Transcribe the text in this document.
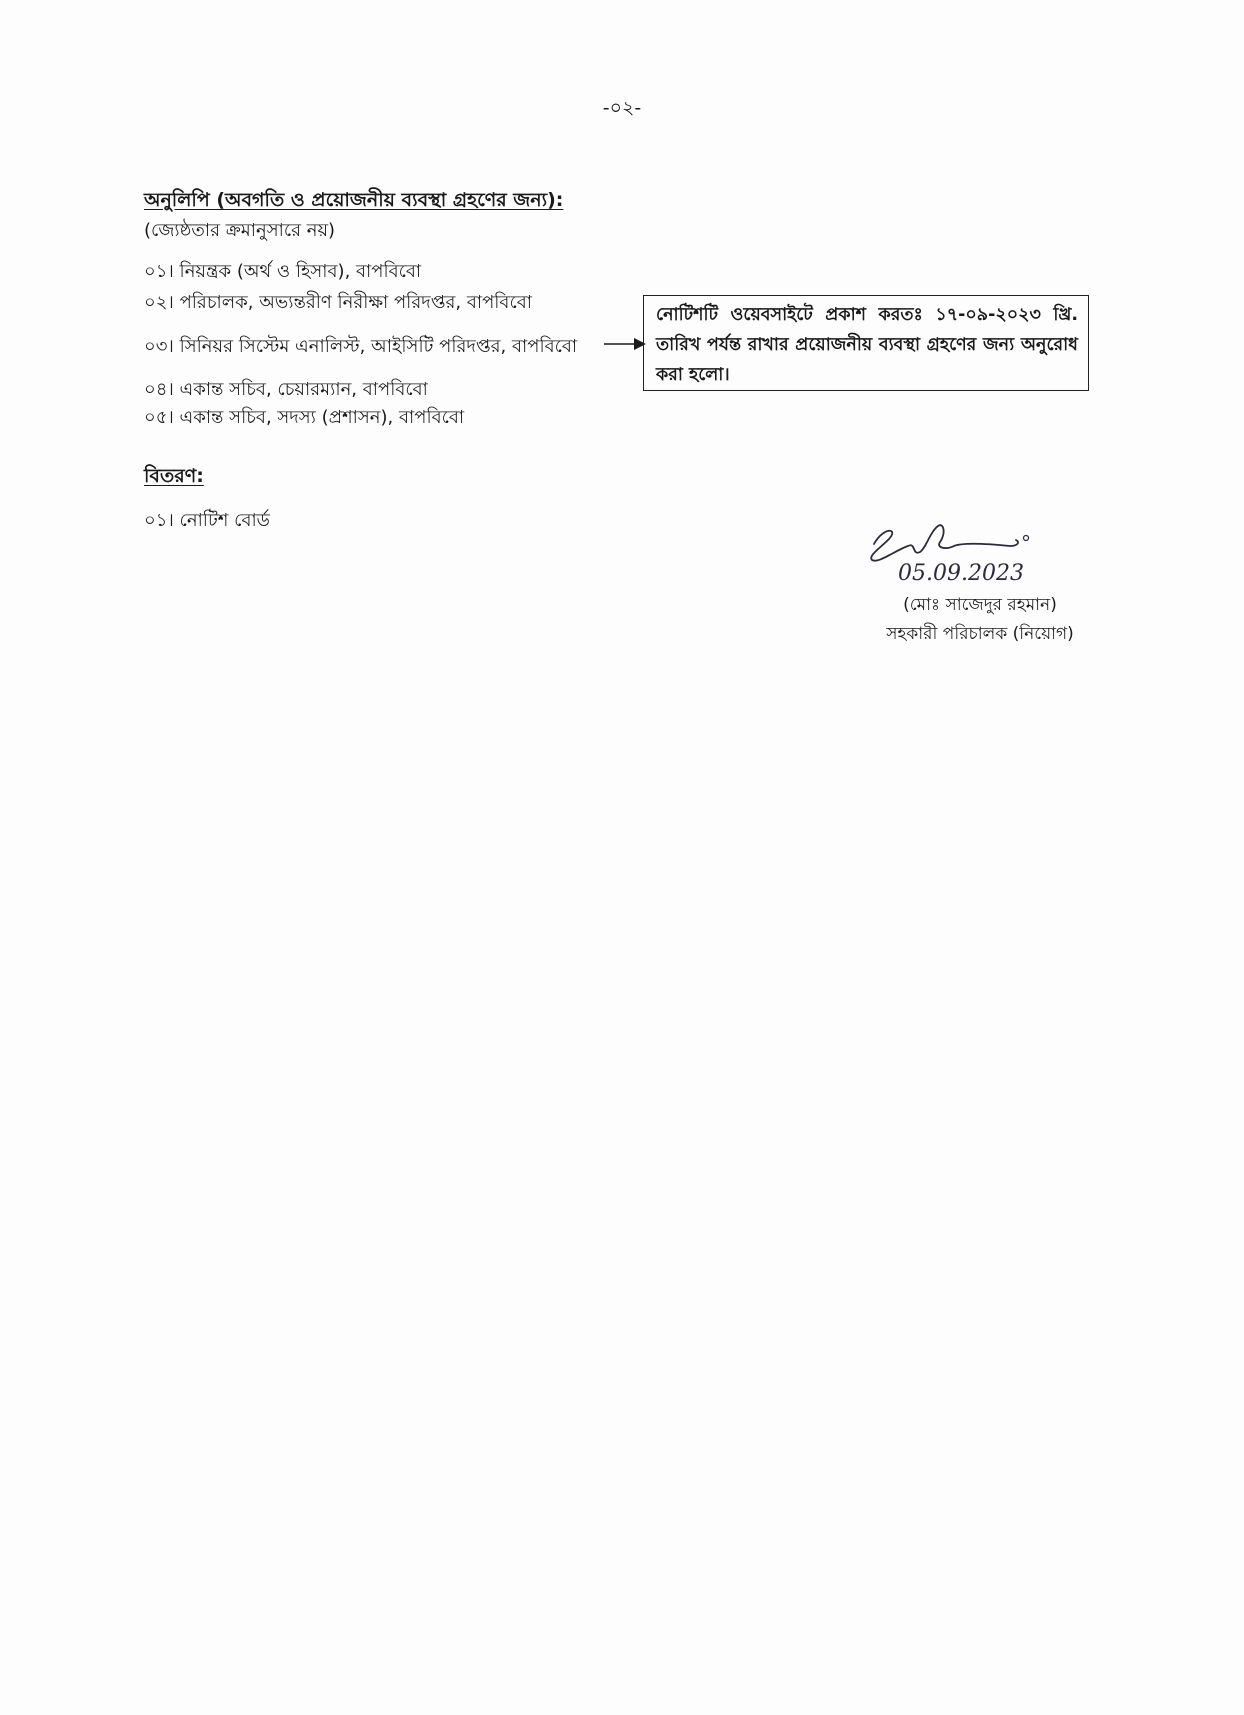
-০২-
অনুলিপি (অবগতি ও প্রয়োজনীয় ব্যবস্থা গ্রহণের জন্য):
(জ্যেষ্ঠতার ক্রমানুসারে নয়)
০১। নিয়ন্ত্রক (অর্থ ও হিসাব), বাপবিবো
০২। পরিচালক, অভ্যন্তরীণ নিরীক্ষা পরিদপ্তর, বাপবিবো
০৩। সিনিয়র সিস্টেম এনালিস্ট, আইসিটি পরিদপ্তর, বাপবিবো
০৪। একান্ত সচিব, চেয়ারম্যান, বাপবিবো
০৫। একান্ত সচিব, সদস্য (প্রশাসন), বাপবিবো
নোটিশটি ওয়েবসাইটে প্রকাশ করতঃ ১৭-০৯-২০২৩ খ্রি. তারিখ পর্যন্ত রাখার প্রয়োজনীয় ব্যবস্থা গ্রহণের জন্য অনুরোধ করা হলো।
বিতরণ:
০১। নোটিশ বোর্ড
05.09.2023
(মোঃ সাজেদুর রহমান)
সহকারী পরিচালক (নিয়োগ)
